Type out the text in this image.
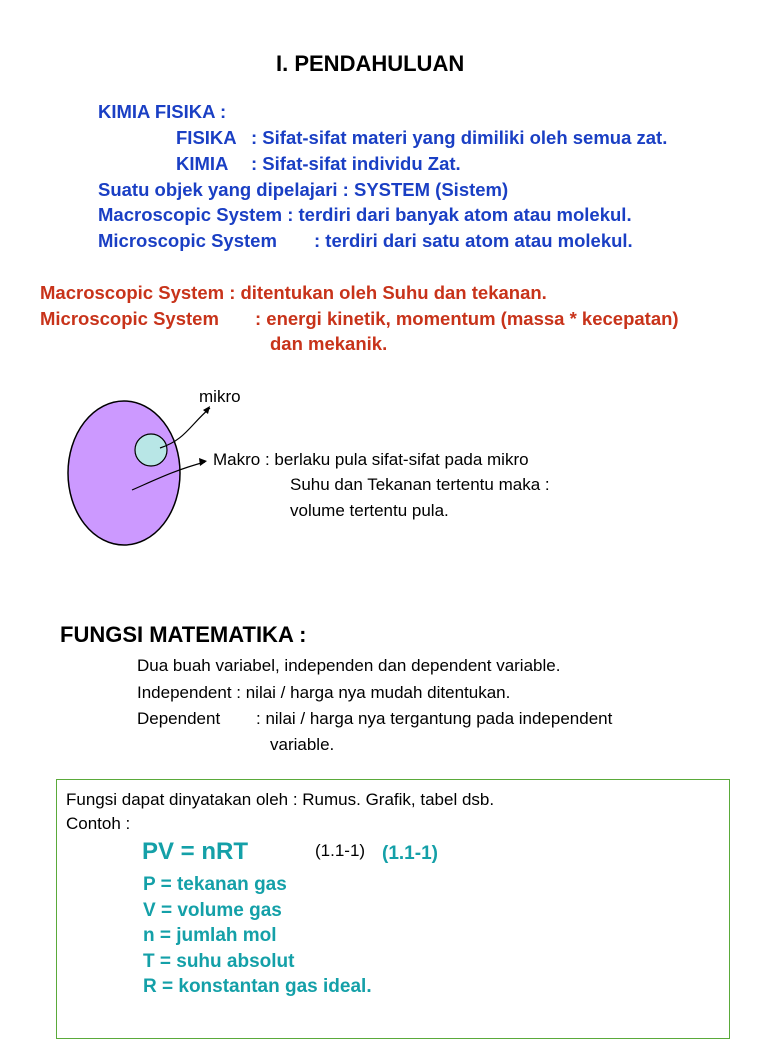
I. PENDAHULUAN
KIMIA FISIKA :
FISIKA : Sifat-sifat materi yang dimiliki oleh semua zat.
KIMIA : Sifat-sifat individu Zat.
Suatu objek yang dipelajari : SYSTEM (Sistem)
Macroscopic System : terdiri dari banyak atom atau molekul.
Microscopic System : terdiri dari satu atom atau molekul.
Macroscopic System : ditentukan oleh Suhu dan tekanan.
Microscopic System : energi kinetik, momentum (massa * kecepatan)
dan mekanik.
mikro
Makro : berlaku pula sifat-sifat pada mikro
Suhu dan Tekanan tertentu maka :
volume tertentu pula.
FUNGSI MATEMATIKA :
Dua buah variabel, independen dan dependent variable.
Independent : nilai / harga nya mudah ditentukan.
Dependent : nilai / harga nya tergantung pada independent
variable.
Fungsi dapat dinyatakan oleh : Rumus. Grafik, tabel dsb.
Contoh :
PV = nRT	(1.1-1) (1.1-1)
P = tekanan gas
V = volume gas
n = jumlah mol
T = suhu absolut
R = konstantan gas ideal.
